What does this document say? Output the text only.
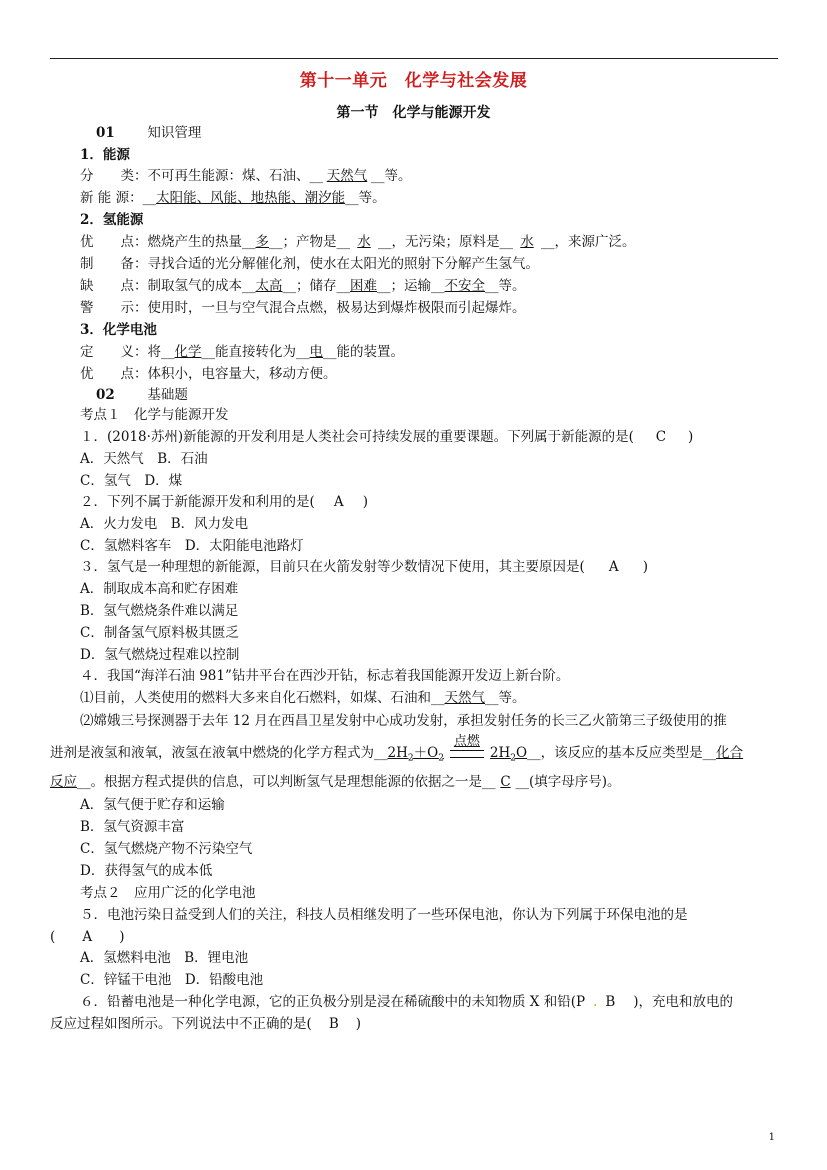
第十一单元　化学与社会发展
第一节　化学与能源开发
01 知识管理
1．能源
分　　类：不可再生能源：煤、石油、__ 天然气 __等。
新 能 源：__太阳能、风能、地热能、潮汐能__等。
2．氢能源
优　　点：燃烧产生的热量__多__；产物是__ 水 __，无污染；原料是__ 水 __，来源广泛。
制　　备：寻找合适的光分解催化剂，使水在太阳光的照射下分解产生氢气。
缺　　点：制取氢气的成本__太高__；储存__困难__；运输__不安全__等。
警　　示：使用时，一旦与空气混合点燃，极易达到爆炸极限而引起爆炸。
3．化学电池
定　　义：将__化学__能直接转化为__电__能的装置。
优　　点：体积小，电容量大，移动方便。
02 基础题
考点１　化学与能源开发
１．(2018·苏州)新能源的开发利用是人类社会可持续发展的重要课题。下列属于新能源的是( C )
A．天然气　B．石油
C．氢气　D．煤
２．下列不属于新能源开发和利用的是( A )
A．火力发电　B．风力发电
C．氢燃料客车　D．太阳能电池路灯
３．氢气是一种理想的新能源，目前只在火箭发射等少数情况下使用，其主要原因是( A )
A．制取成本高和贮存困难
B．氢气燃烧条件难以满足
C．制备氢气原料极其匮乏
D．氢气燃烧过程难以控制
４．我国“海洋石油 981”钻井平台在西沙开钻，标志着我国能源开发迈上新台阶。
⑴目前，人类使用的燃料大多来自化石燃料，如煤、石油和__天然气__等。
⑵嫦娥三号探测器于去年 12 月在西昌卫星发射中心成功发射，承担发射任务的长三乙火箭第三子级使用的推
进剂是液氢和液氧，液氢在液氧中燃烧的化学方程式为$\_\_2H_2+O_2$
点燃
$2H_2O\_\_$，该反应的基本反应类型是__化合
反应__。根据方程式提供的信息，可以判断氢气是理想能源的依据之一是__ C __(填字母序号)。
A．氢气便于贮存和运输
B．氢气资源丰富
C．氢气燃烧产物不污染空气
D．获得氢气的成本低
考点２　应用广泛的化学电池
５．电池污染日益受到人们的关注，科技人员相继发明了一些环保电池，你认为下列属于环保电池的是
( A )
A．氢燃料电池　B．锂电池
C．锌锰干电池　D．铅酸电池
６．铅蓄电池是一种化学电源，它的正负极分别是浸在稀硫酸中的未知物质 X 和铅(P . B )，充电和放电的
反应过程如图所示。下列说法中不正确的是( B )
1
